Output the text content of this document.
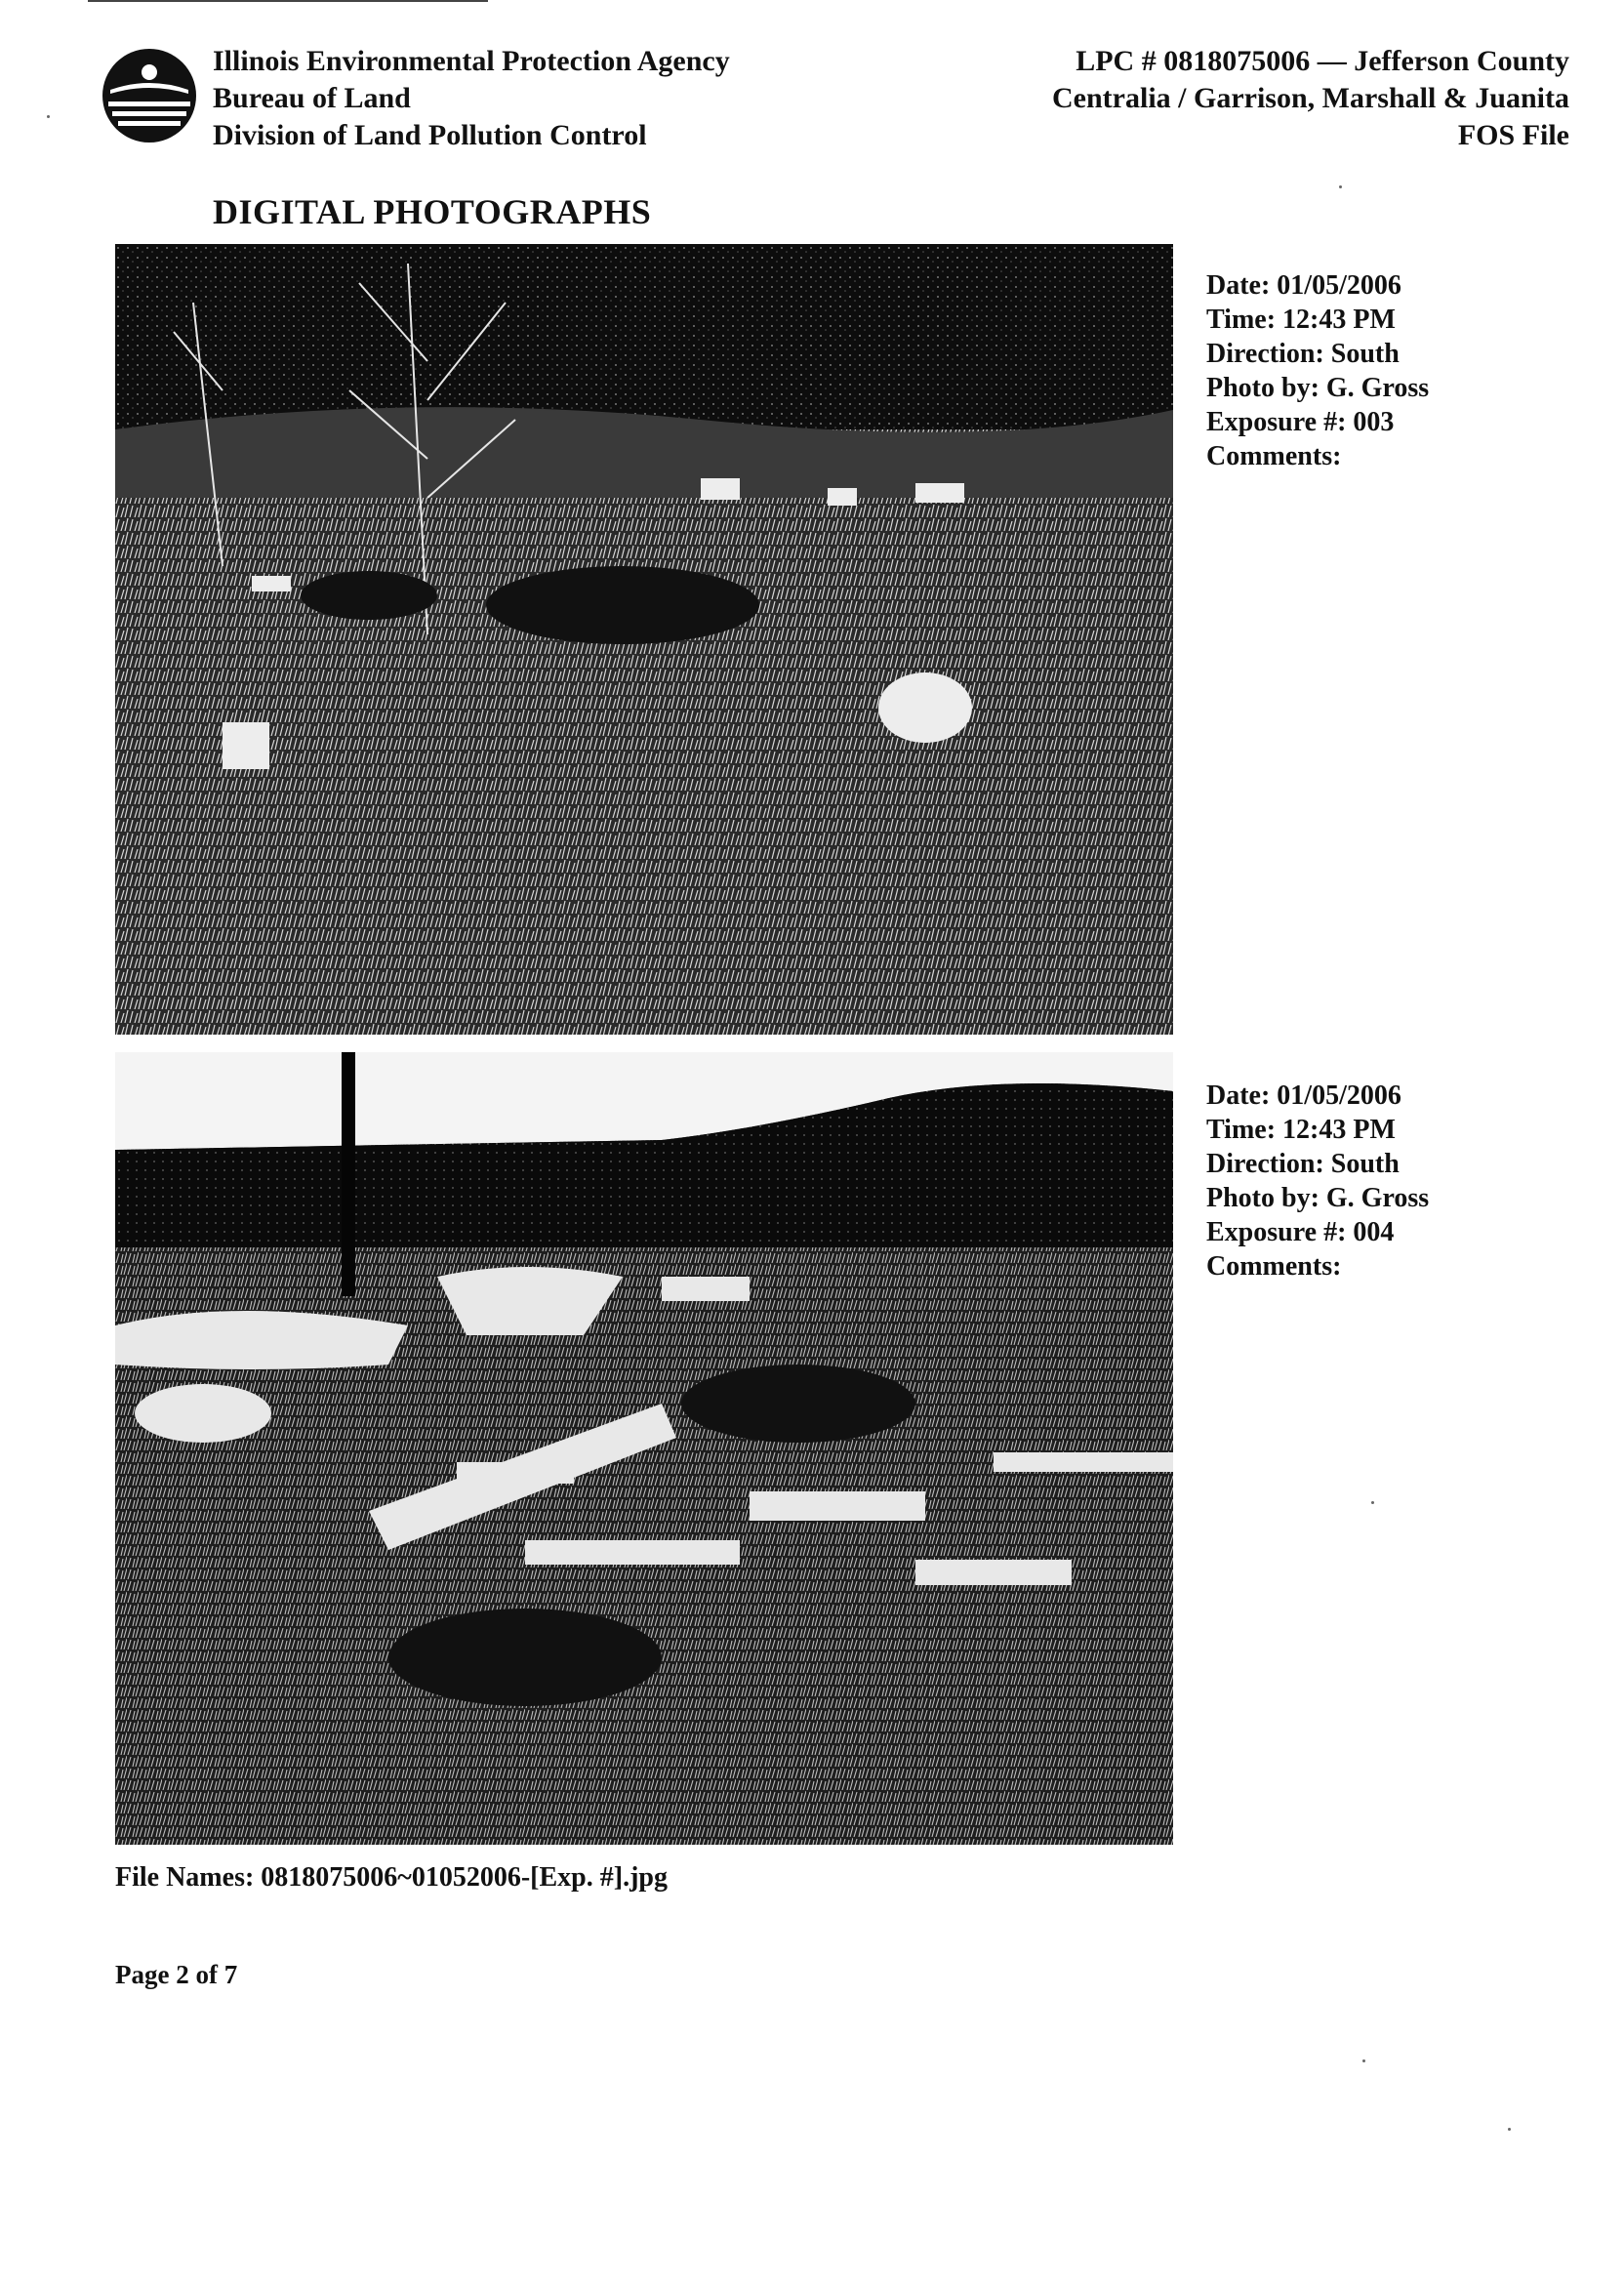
Illinois Environmental Protection Agency
Bureau of Land
Division of Land Pollution Control
LPC # 0818075006 — Jefferson County
Centralia / Garrison, Marshall & Juanita
FOS File
DIGITAL PHOTOGRAPHS
Date: 01/05/2006
Time: 12:43 PM
Direction: South
Photo by: G. Gross
Exposure #: 003
Comments:
Date: 01/05/2006
Time: 12:43 PM
Direction: South
Photo by: G. Gross
Exposure #: 004
Comments:
File Names: 0818075006~01052006-[Exp. #].jpg
Page 2 of 7
